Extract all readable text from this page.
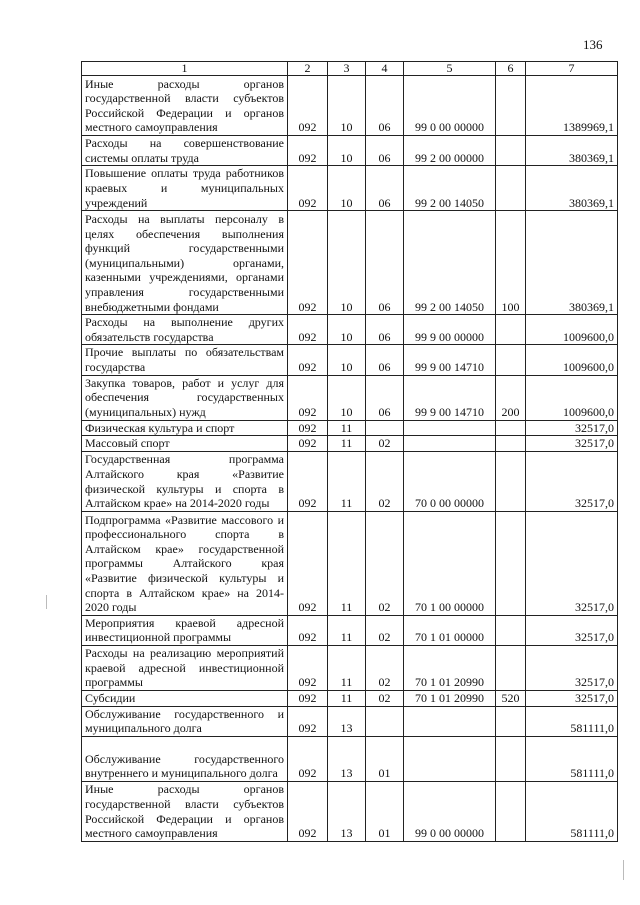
136
1	2	3	4	5	6	7
Иные расходы органов государственной власти субъектов Российской Федерации и органов местного самоуправления	092	10	06	99 0 00 00000		1389969,1
Расходы на совершенствование системы оплаты труда	092	10	06	99 2 00 00000		380369,1
Повышение оплаты труда работников краевых и муниципальных учреждений	092	10	06	99 2 00 14050		380369,1
Расходы на выплаты персоналу в целях обеспечения выполнения функций государственными (муниципальными) органами, казенными учреждениями, органами управления государственными внебюджетными фондами	092	10	06	99 2 00 14050	100	380369,1
Расходы на выполнение других обязательств государства	092	10	06	99 9 00 00000		1009600,0
Прочие выплаты по обязательствам государства	092	10	06	99 9 00 14710		1009600,0
Закупка товаров, работ и услуг для обеспечения государственных (муниципальных) нужд	092	10	06	99 9 00 14710	200	1009600,0
Физическая культура и спорт	092	11				32517,0
Массовый спорт	092	11	02			32517,0
Государственная программа Алтайского края «Развитие физической культуры и спорта в Алтайском крае» на 2014-2020 годы	092	11	02	70 0 00 00000		32517,0
Подпрограмма «Развитие массового и профессионального спорта в Алтайском крае» государственной программы Алтайского края «Развитие физической культуры и спорта в Алтайском крае» на 2014-2020 годы	092	11	02	70 1 00 00000		32517,0
Мероприятия краевой адресной инвестиционной программы	092	11	02	70 1 01 00000		32517,0
Расходы на реализацию мероприятий краевой адресной инвестиционной программы	092	11	02	70 1 01 20990		32517,0
Субсидии	092	11	02	70 1 01 20990	520	32517,0
Обслуживание государственного и муниципального долга	092	13				581111,0
Обслуживание государственного внутреннего и муниципального долга	092	13	01			581111,0
Иные расходы органов государственной власти субъектов Российской Федерации и органов местного самоуправления	092	13	01	99 0 00 00000		581111,0
